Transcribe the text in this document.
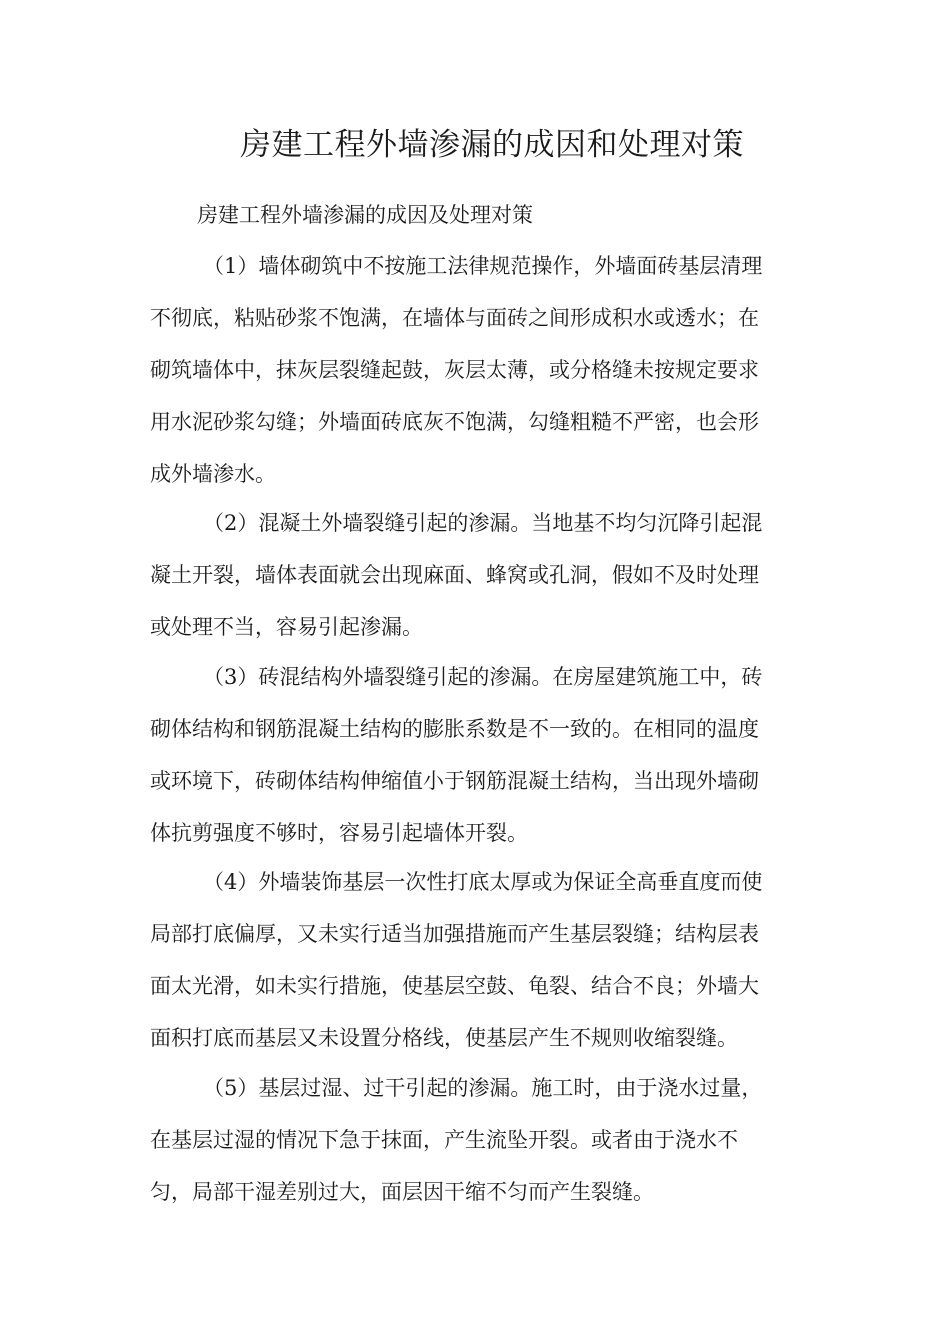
房建工程外墙渗漏的成因和处理对策

房建工程外墙渗漏的成因及处理对策

（1）墙体砌筑中不按施工法律规范操作，外墙面砖基层清理
不彻底，粘贴砂浆不饱满，在墙体与面砖之间形成积水或透水；在
砌筑墙体中，抹灰层裂缝起鼓，灰层太薄，或分格缝未按规定要求
用水泥砂浆勾缝；外墙面砖底灰不饱满，勾缝粗糙不严密，也会形
成外墙渗水。
（2）混凝土外墙裂缝引起的渗漏。当地基不均匀沉降引起混
凝土开裂，墙体表面就会出现麻面、蜂窝或孔洞，假如不及时处理
或处理不当，容易引起渗漏。
（3）砖混结构外墙裂缝引起的渗漏。在房屋建筑施工中，砖
砌体结构和钢筋混凝土结构的膨胀系数是不一致的。在相同的温度
或环境下，砖砌体结构伸缩值小于钢筋混凝土结构，当出现外墙砌
体抗剪强度不够时，容易引起墙体开裂。
（4）外墙装饰基层一次性打底太厚或为保证全高垂直度而使
局部打底偏厚，又未实行适当加强措施而产生基层裂缝；结构层表
面太光滑，如未实行措施，使基层空鼓、龟裂、结合不良；外墙大
面积打底而基层又未设置分格线，使基层产生不规则收缩裂缝。
（5）基层过湿、过干引起的渗漏。施工时，由于浇水过量，
在基层过湿的情况下急于抹面，产生流坠开裂。或者由于浇水不
匀，局部干湿差别过大，面层因干缩不匀而产生裂缝。
